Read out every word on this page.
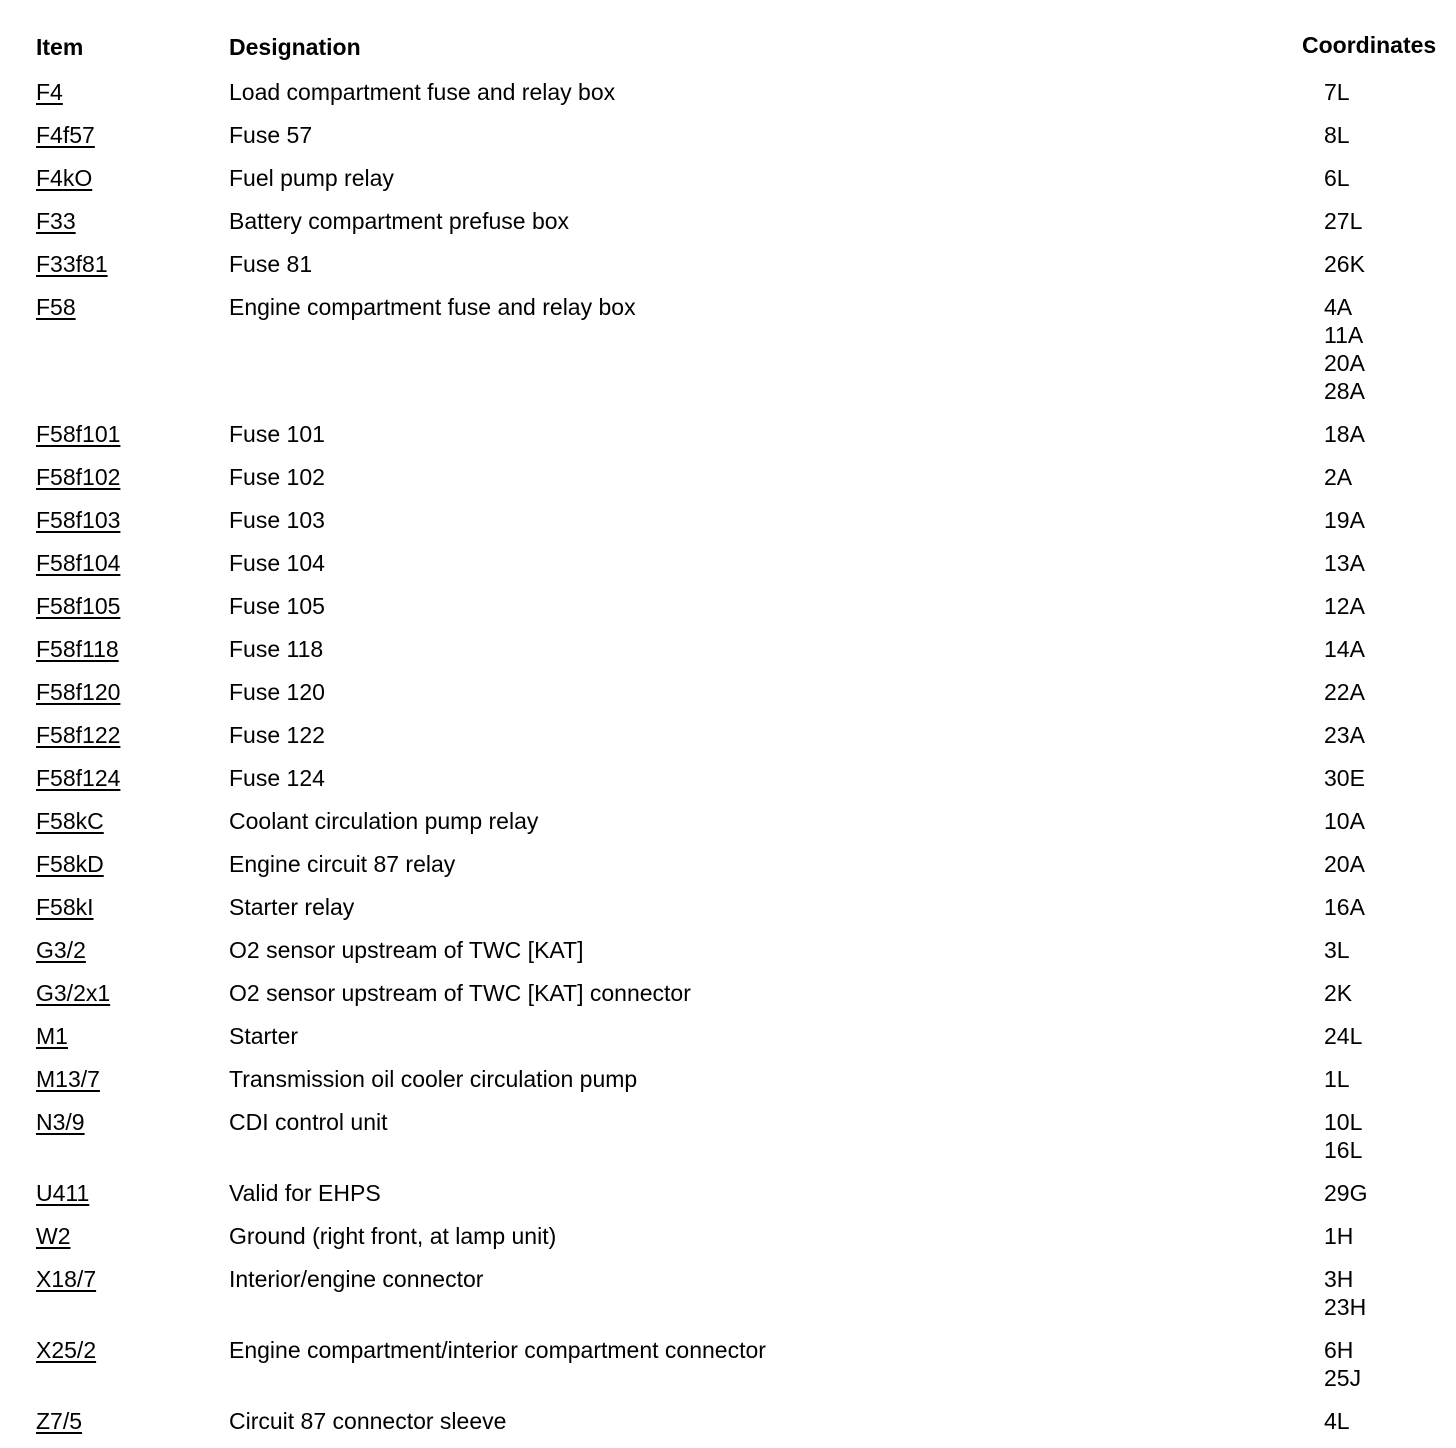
Item	Designation	Coordinates
F4	Load compartment fuse and relay box	7L
F4f57	Fuse 57	8L
F4kO	Fuel pump relay	6L
F33	Battery compartment prefuse box	27L
F33f81	Fuse 81	26K
F58	Engine compartment fuse and relay box	4A
11A
20A
28A
F58f101	Fuse 101	18A
F58f102	Fuse 102	2A
F58f103	Fuse 103	19A
F58f104	Fuse 104	13A
F58f105	Fuse 105	12A
F58f118	Fuse 118	14A
F58f120	Fuse 120	22A
F58f122	Fuse 122	23A
F58f124	Fuse 124	30E
F58kC	Coolant circulation pump relay	10A
F58kD	Engine circuit 87 relay	20A
F58kI	Starter relay	16A
G3/2	O2 sensor upstream of TWC [KAT]	3L
G3/2x1	O2 sensor upstream of TWC [KAT] connector	2K
M1	Starter	24L
M13/7	Transmission oil cooler circulation pump	1L
N3/9	CDI control unit	10L
16L
U411	Valid for EHPS	29G
W2	Ground (right front, at lamp unit)	1H
X18/7	Interior/engine connector	3H
23H
X25/2	Engine compartment/interior compartment connector	6H
25J
Z7/5	Circuit 87 connector sleeve	4L
